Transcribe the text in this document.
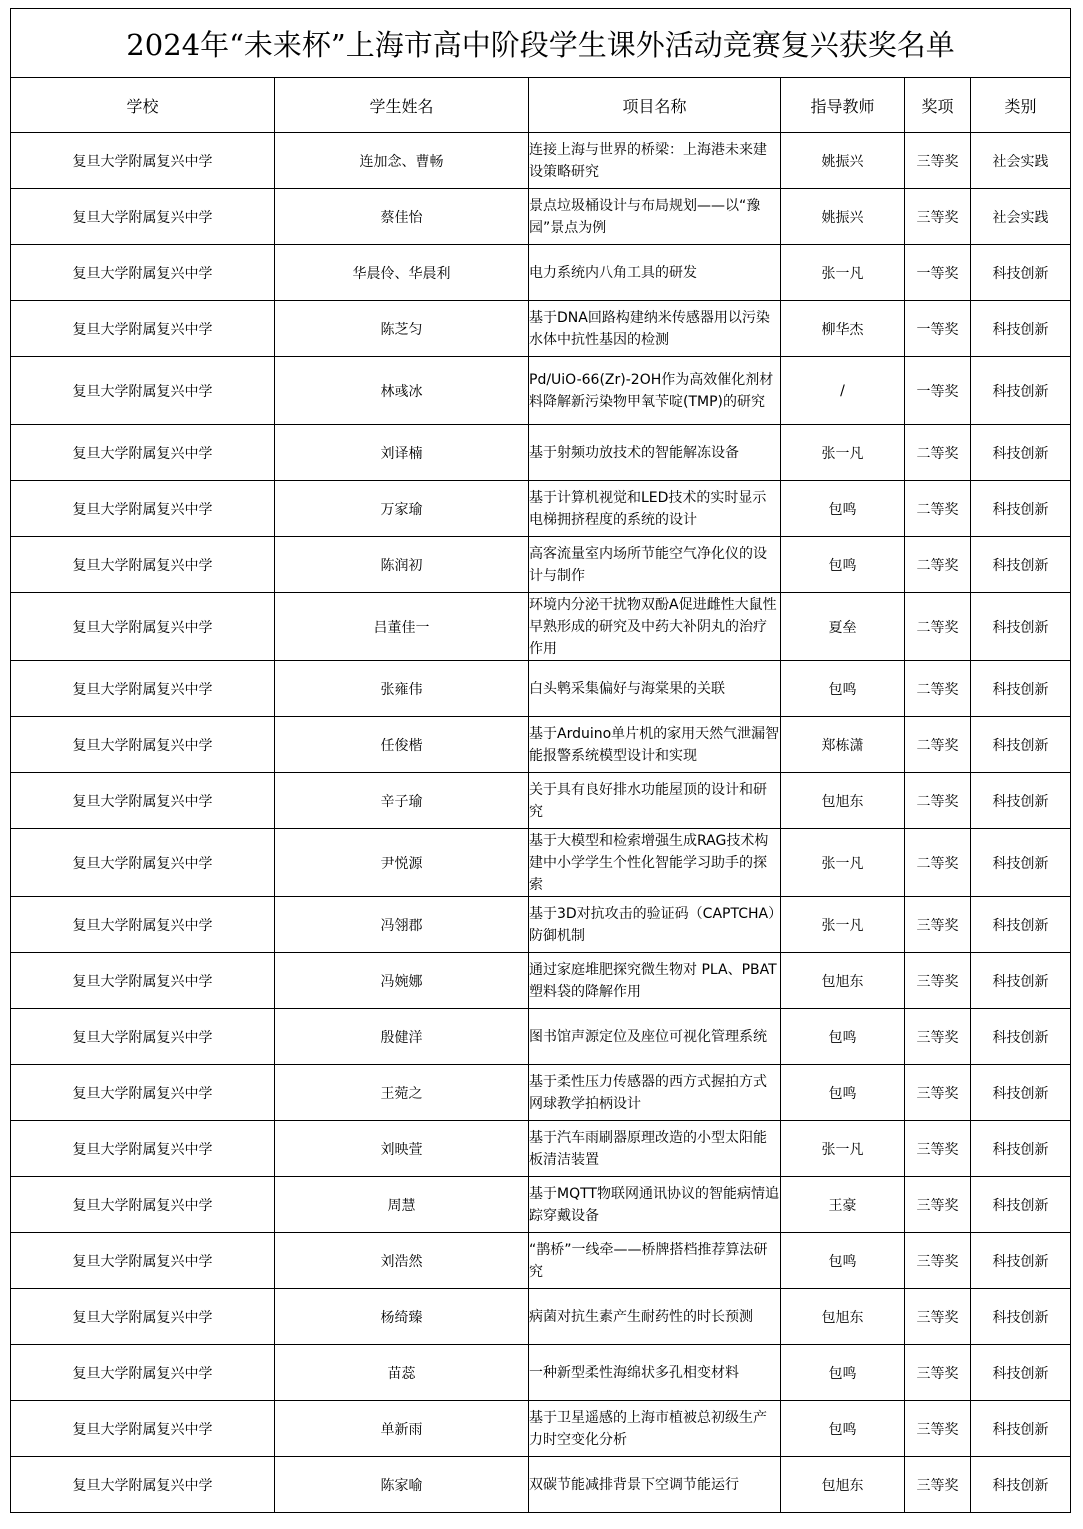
2024年“未来杯”上海市高中阶段学生课外活动竞赛复兴获奖名单					
学校	学生姓名	项目名称	指导教师	奖项	类别
复旦大学附属复兴中学	连加念、曹畅	连接上海与世界的桥梁：上海港未来建设策略研究	姚振兴	三等奖	社会实践
复旦大学附属复兴中学	蔡佳怡	景点垃圾桶设计与布局规划——以“豫园”景点为例	姚振兴	三等奖	社会实践
复旦大学附属复兴中学	华晨伶、华晨利	电力系统内八角工具的研发	张一凡	一等奖	科技创新
复旦大学附属复兴中学	陈芝匀	基于DNA回路构建纳米传感器用以污染水体中抗性基因的检测	柳华杰	一等奖	科技创新
复旦大学附属复兴中学	林彧冰	Pd/UiO-66(Zr)-2OH作为高效催化剂材料降解新污染物甲氧苄啶(TMP)的研究	/	一等奖	科技创新
复旦大学附属复兴中学	刘译楠	基于射频功放技术的智能解冻设备	张一凡	二等奖	科技创新
复旦大学附属复兴中学	万家瑜	基于计算机视觉和LED技术的实时显示电梯拥挤程度的系统的设计	包鸣	二等奖	科技创新
复旦大学附属复兴中学	陈润初	高客流量室内场所节能空气净化仪的设计与制作	包鸣	二等奖	科技创新
复旦大学附属复兴中学	吕董佳一	环境内分泌干扰物双酚A促进雌性大鼠性早熟形成的研究及中药大补阴丸的治疗作用	夏垒	二等奖	科技创新
复旦大学附属复兴中学	张雍伟	白头鹎采集偏好与海棠果的关联	包鸣	二等奖	科技创新
复旦大学附属复兴中学	任俊楷	基于Arduino单片机的家用天然气泄漏智能报警系统模型设计和实现	郑栋潇	二等奖	科技创新
复旦大学附属复兴中学	辛子瑜	关于具有良好排水功能屋顶的设计和研究	包旭东	二等奖	科技创新
复旦大学附属复兴中学	尹悦源	基于大模型和检索增强生成RAG技术构建中小学学生个性化智能学习助手的探索	张一凡	二等奖	科技创新
复旦大学附属复兴中学	冯翎郡	基于3D对抗攻击的验证码（CAPTCHA）防御机制	张一凡	三等奖	科技创新
复旦大学附属复兴中学	冯婉娜	通过家庭堆肥探究微生物对 PLA、PBAT塑料袋的降解作用	包旭东	三等奖	科技创新
复旦大学附属复兴中学	殷健洋	图书馆声源定位及座位可视化管理系统	包鸣	三等奖	科技创新
复旦大学附属复兴中学	王菀之	基于柔性压力传感器的西方式握拍方式网球教学拍柄设计	包鸣	三等奖	科技创新
复旦大学附属复兴中学	刘映萱	基于汽车雨刷器原理改造的小型太阳能板清洁装置	张一凡	三等奖	科技创新
复旦大学附属复兴中学	周慧	基于MQTT物联网通讯协议的智能病情追踪穿戴设备	王豪	三等奖	科技创新
复旦大学附属复兴中学	刘浩然	“鹊桥”一线牵——桥牌搭档推荐算法研究	包鸣	三等奖	科技创新
复旦大学附属复兴中学	杨绮臻	病菌对抗生素产生耐药性的时长预测	包旭东	三等奖	科技创新
复旦大学附属复兴中学	苗蕊	一种新型柔性海绵状多孔相变材料	包鸣	三等奖	科技创新
复旦大学附属复兴中学	单新雨	基于卫星遥感的上海市植被总初级生产力时空变化分析	包鸣	三等奖	科技创新
复旦大学附属复兴中学	陈家喻	双碳节能减排背景下空调节能运行	包旭东	三等奖	科技创新
